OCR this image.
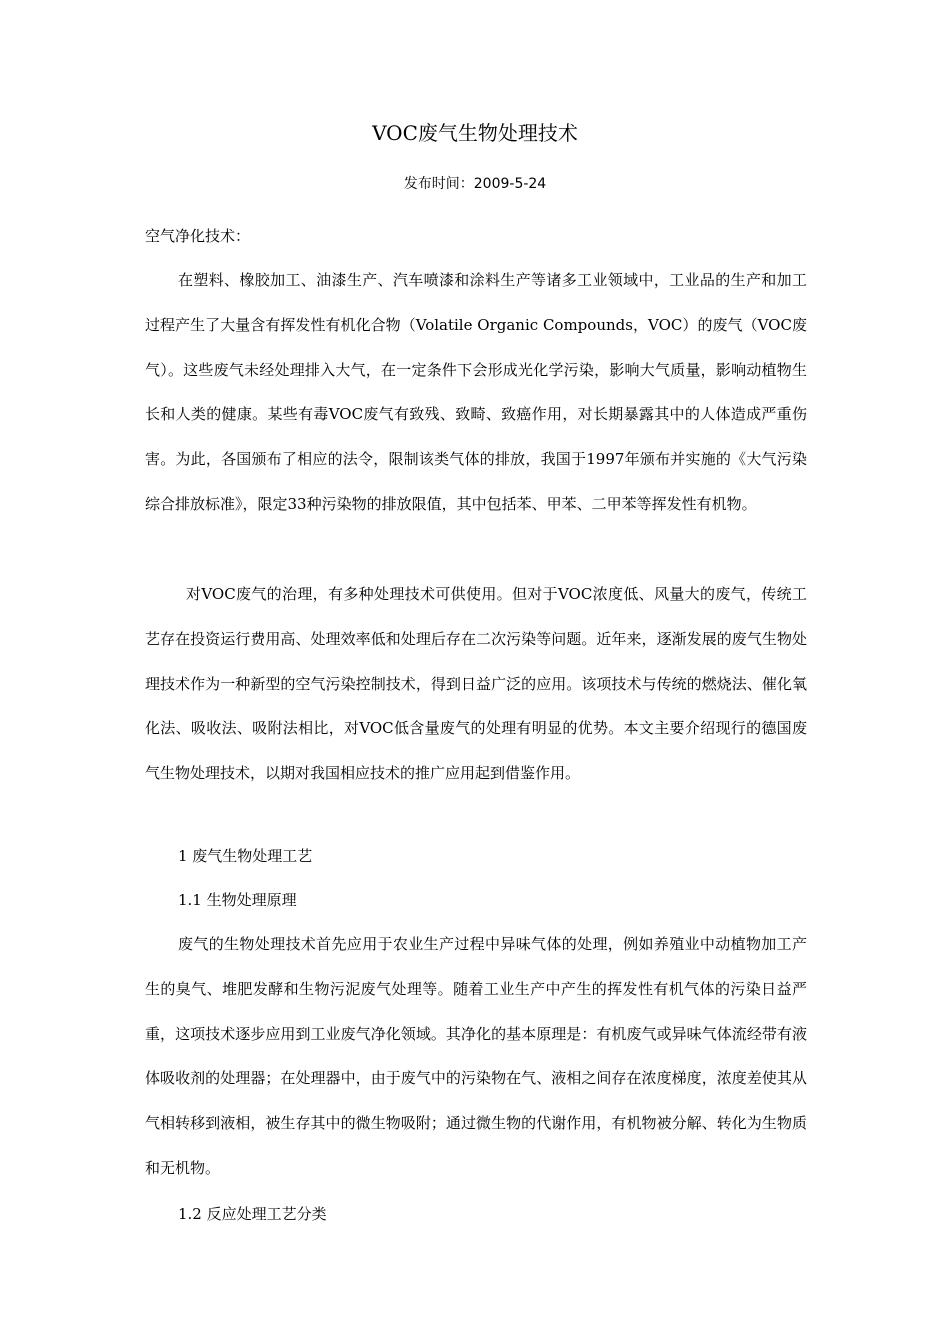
VOC废气生物处理技术
发布时间：2009-5-24

空气净化技术：

在塑料、橡胶加工、油漆生产、汽车喷漆和涂料生产等诸多工业领域中，工业品的生产和加工过程产生了大量含有挥发性有机化合物（Volatile Organic Compounds，VOC）的废气（VOC废气）。这些废气未经处理排入大气，在一定条件下会形成光化学污染，影响大气质量，影响动植物生长和人类的健康。某些有毒VOC废气有致残、致畸、致癌作用，对长期暴露其中的人体造成严重伤害。为此，各国颁布了相应的法令，限制该类气体的排放，我国于1997年颁布并实施的《大气污染综合排放标准》，限定33种污染物的排放限值，其中包括苯、甲苯、二甲苯等挥发性有机物。

对VOC废气的治理，有多种处理技术可供使用。但对于VOC浓度低、风量大的废气，传统工艺存在投资运行费用高、处理效率低和处理后存在二次污染等问题。近年来，逐渐发展的废气生物处理技术作为一种新型的空气污染控制技术，得到日益广泛的应用。该项技术与传统的燃烧法、催化氧化法、吸收法、吸附法相比，对VOC低含量废气的处理有明显的优势。本文主要介绍现行的德国废气生物处理技术，以期对我国相应技术的推广应用起到借鉴作用。

1 废气生物处理工艺

1.1 生物处理原理

废气的生物处理技术首先应用于农业生产过程中异味气体的处理，例如养殖业中动植物加工产生的臭气、堆肥发酵和生物污泥废气处理等。随着工业生产中产生的挥发性有机气体的污染日益严重，这项技术逐步应用到工业废气净化领域。其净化的基本原理是：有机废气或异味气体流经带有液体吸收剂的处理器；在处理器中，由于废气中的污染物在气、液相之间存在浓度梯度，浓度差使其从气相转移到液相，被生存其中的微生物吸附；通过微生物的代谢作用，有机物被分解、转化为生物质和无机物。

1.2 反应处理工艺分类
